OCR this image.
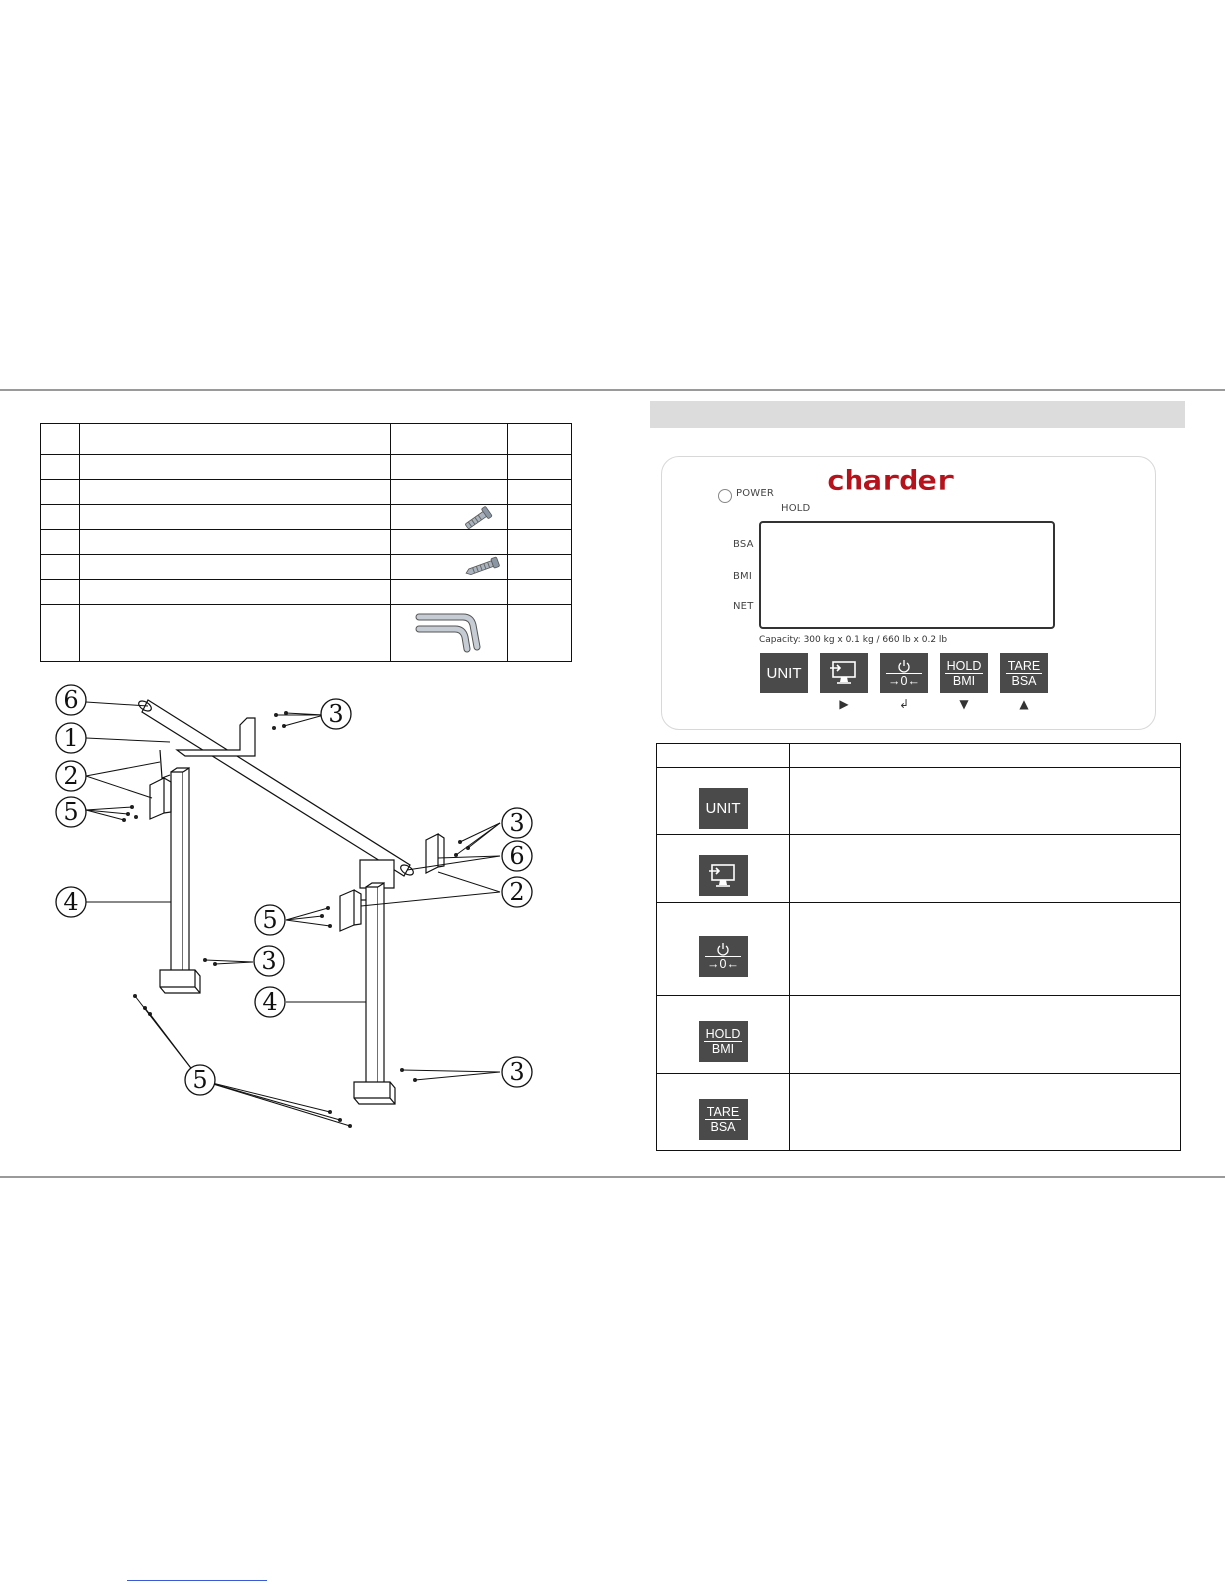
6
1
2
5
3
4
3
6
2
5
3
4
5	3
POWER
HOLD
charder
BSA
BMI
NET
Capacity: 300 kg x 0.1 kg / 660 lb x 0.2 lb
UNIT	→0←
HOLD
BMI
TARE
BSA
▶	↲	▼	▲

UNIT	

→0←	

HOLD
BMI	

TARE
BSA	
